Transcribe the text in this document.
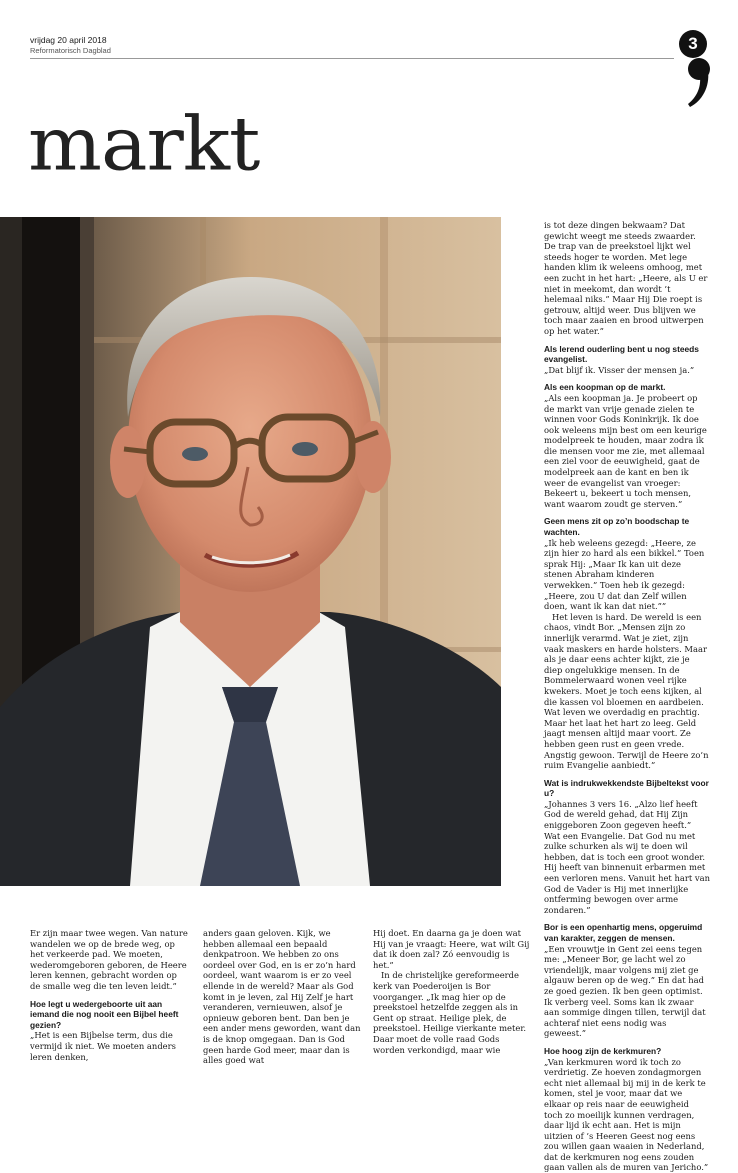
vrijdag 20 april 2018
Reformatorisch Dagblad	3
markt

is tot deze dingen bekwaam? Dat gewicht weegt me steeds zwaarder. De trap van de preekstoel lijkt wel steeds hoger te worden. Met lege handen klim ik weleens omhoog, met een zucht in het hart: „Heere, als U er niet in meekomt, dan wordt ’t helemaal niks.” Maar Hij Die roept is getrouw, altijd weer. Dus blijven we toch maar zaaien en brood uitwerpen op het water.”

Als lerend ouderling bent u nog steeds evangelist.

„Dat blijf ik. Visser der mensen ja.”

Als een koopman op de markt.

„Als een koopman ja. Je probeert op de markt van vrije genade zielen te winnen voor Gods Koninkrijk. Ik doe ook weleens mijn best om een keurige modelpreek te houden, maar zodra ik die mensen voor me zie, met allemaal een ziel voor de eeuwigheid, gaat de modelpreek aan de kant en ben ik weer de evangelist van vroeger: Bekeert u, bekeert u toch mensen, want waarom zoudt ge sterven.”

Geen mens zit op zo’n boodschap te wachten.

„Ik heb weleens gezegd: „Heere, ze zijn hier zo hard als een bikkel.” Toen sprak Hij: „Maar Ik kan uit deze stenen Abraham kinderen verwekken.” Toen heb ik gezegd: „Heere, zou U dat dan Zelf willen doen, want ik kan dat niet.””

Het leven is hard. De wereld is een chaos, vindt Bor. „Mensen zijn zo innerlijk verarmd. Wat je ziet, zijn vaak maskers en harde holsters. Maar als je daar eens achter kijkt, zie je diep ongelukkige mensen. In de Bommelerwaard wonen veel rijke kwekers. Moet je toch eens kijken, al die kassen vol bloemen en aardbeien. Wat leven we overdadig en prachtig. Maar het laat het hart zo leeg. Geld jaagt mensen altijd maar voort. Ze hebben geen rust en geen vrede. Angstig gewoon. Terwijl de Heere zo’n ruim Evangelie aanbiedt.”

Wat is indrukwekkendste Bijbeltekst voor u?

„Johannes 3 vers 16. „Alzo lief heeft God de wereld gehad, dat Hij Zijn eniggeboren Zoon gegeven heeft.” Wat een Evangelie. Dat God nu met zulke schurken als wij te doen wil hebben, dat is toch een groot wonder. Hij heeft van binnenuit erbarmen met een verloren mens. Vanuit het hart van God de Vader is Hij met innerlijke ontferming bewogen over arme zondaren.”

Bor is een openhartig mens, opgeruimd van karakter, zeggen de mensen.

„Een vrouwtje in Gent zei eens tegen me: „Meneer Bor, ge lacht wel zo vriendelijk, maar volgens mij ziet ge algauw beren op de weg.” En dat had ze goed gezien. Ik ben geen optimist. Ik verberg veel. Soms kan ik zwaar aan sommige dingen tillen, terwijl dat achteraf niet eens nodig was geweest.”

Hoe hoog zijn de kerkmuren?

„Van kerkmuren word ik toch zo verdrietig. Ze hoeven zondagmorgen echt niet allemaal bij mij in de kerk te komen, stel je voor, maar dat we elkaar op reis naar de eeuwigheid toch zo moeilijk kunnen verdragen, daar lijd ik echt aan. Het is mijn uitzien of ’s Heeren Geest nog eens zou willen gaan waaien in Nederland, dat de kerkmuren nog eens zouden gaan vallen als de muren van Jericho.”

Er zijn maar twee wegen. Van nature wandelen we op de brede weg, op het verkeerde pad. We moeten, wederomgeboren geboren, de Heere leren kennen, gebracht worden op de smalle weg die ten leven leidt.”

Hoe legt u wedergeboorte uit aan iemand die nog nooit een Bijbel heeft gezien?

„Het is een Bijbelse term, dus die vermijd ik niet. We moeten anders leren denken,

anders gaan geloven. Kijk, we hebben allemaal een bepaald denkpatroon. We hebben zo ons oordeel over God, en is er zo’n hard oordeel, want waarom is er zo veel ellende in de wereld? Maar als God komt in je leven, zal Hij Zelf je hart veranderen, vernieuwen, alsof je opnieuw geboren bent. Dan ben je een ander mens geworden, want dan is de knop omgegaan. Dan is God geen harde God meer, maar dan is alles goed wat

Hij doet. En daarna ga je doen wat Hij van je vraagt: Heere, wat wilt Gij dat ik doen zal? Zó eenvoudig is het.”

In de christelijke gereformeerde kerk van Poederoijen is Bor voorganger. „Ik mag hier op de preekstoel hetzelfde zeggen als in Gent op straat. Heilige plek, de preekstoel. Heilige vierkante meter. Daar moet de volle raad Gods worden verkondigd, maar wie
